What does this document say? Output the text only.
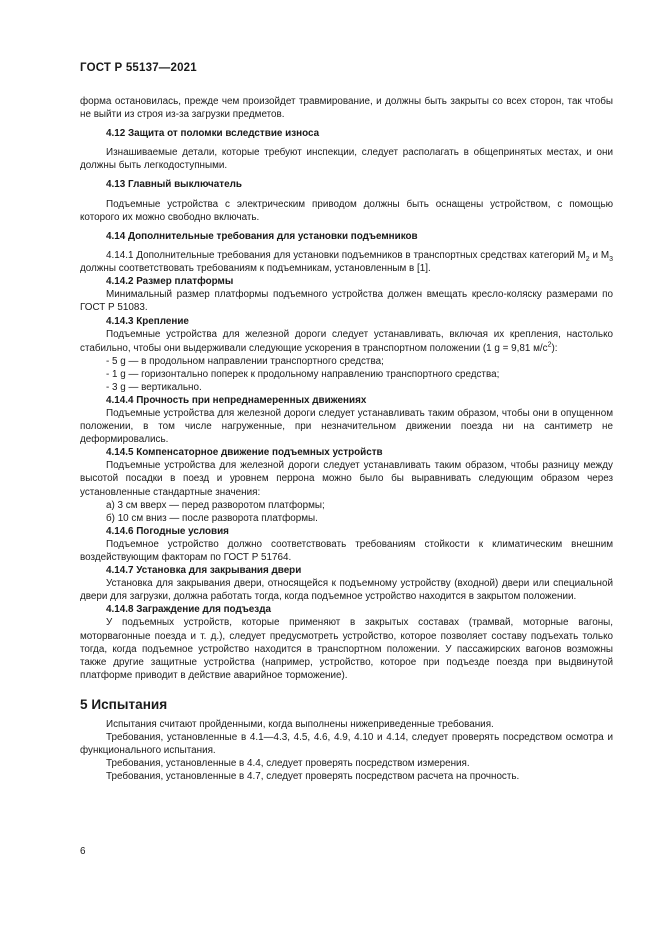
ГОСТ Р 55137—2021
форма остановилась, прежде чем произойдет травмирование, и должны быть закрыты со всех сторон, так чтобы не выйти из строя из-за загрузки предметов.
4.12 Защита от поломки вследствие износа
Изнашиваемые детали, которые требуют инспекции, следует располагать в общепринятых местах, и они должны быть легкодоступными.
4.13 Главный выключатель
Подъемные устройства с электрическим приводом должны быть оснащены устройством, с помощью которого их можно свободно включать.
4.14 Дополнительные требования для установки подъемников
4.14.1 Дополнительные требования для установки подъемников в транспортных средствах категорий $M_2$ и $M_3$ должны соответствовать требованиям к подъемникам, установленным в [1].
4.14.2 Размер платформы
Минимальный размер платформы подъемного устройства должен вмещать кресло-коляску размерами по ГОСТ Р 51083.
4.14.3 Крепление
Подъемные устройства для железной дороги следует устанавливать, включая их крепления, настолько стабильно, чтобы они выдерживали следующие ускорения в транспортном положении (1 g = 9,81 $м/с^2$):
- 5 g — в продольном направлении транспортного средства;
- 1 g — горизонтально поперек к продольному направлению транспортного средства;
- 3 g — вертикально.
4.14.4 Прочность при непреднамеренных движениях
Подъемные устройства для железной дороги следует устанавливать таким образом, чтобы они в опущенном положении, в том числе нагруженные, при незначительном движении поезда ни на сантиметр не деформировались.
4.14.5 Компенсаторное движение подъемных устройств
Подъемные устройства для железной дороги следует устанавливать таким образом, чтобы разницу между высотой посадки в поезд и уровнем перрона можно было бы выравнивать следующим образом через установленные стандартные значения:
а) 3 см вверх — перед разворотом платформы;
б) 10 см вниз — после разворота платформы.
4.14.6 Погодные условия
Подъемное устройство должно соответствовать требованиям стойкости к климатическим внешним воздействующим факторам по ГОСТ Р 51764.
4.14.7 Установка для закрывания двери
Установка для закрывания двери, относящейся к подъемному устройству (входной) двери или специальной двери для загрузки, должна работать тогда, когда подъемное устройство находится в закрытом положении.
4.14.8 Заграждение для подъезда
У подъемных устройств, которые применяют в закрытых составах (трамвай, моторные вагоны, моторвагонные поезда и т. д.), следует предусмотреть устройство, которое позволяет составу подъехать только тогда, когда подъемное устройство находится в транспортном положении. У пассажирских вагонов возможны также другие защитные устройства (например, устройство, которое при подъезде поезда при выдвинутой платформе приводит в действие аварийное торможение).
5 Испытания
Испытания считают пройденными, когда выполнены нижеприведенные требования.
Требования, установленные в 4.1—4.3, 4.5, 4.6, 4.9, 4.10 и 4.14, следует проверять посредством осмотра и функционального испытания.
Требования, установленные в 4.4, следует проверять посредством измерения.
Требования, установленные в 4.7, следует проверять посредством расчета на прочность.
6
